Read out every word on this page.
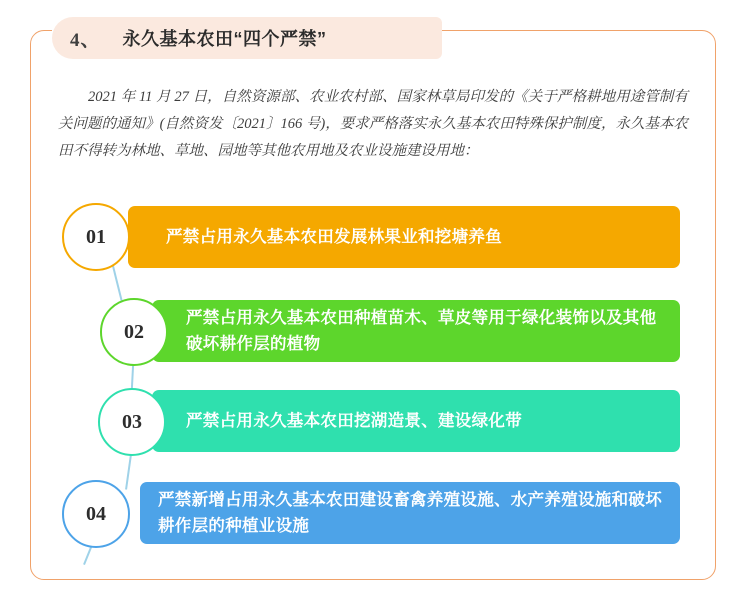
4、 永久基本农田“四个严禁”
2021 年 11 月 27 日，自然资源部、农业农村部、国家林草局印发的《关于严格耕地用途管制有关问题的通知》(自然资发〔2021〕166 号)，要求严格落实永久基本农田特殊保护制度，永久基本农田不得转为林地、草地、园地等其他农用地及农业设施建设用地：
严禁占用永久基本农田发展林果业和挖塘养鱼
01
严禁占用永久基本农田种植苗木、草皮等用于绿化装饰以及其他破坏耕作层的植物
02
严禁占用永久基本农田挖湖造景、建设绿化带
03
严禁新增占用永久基本农田建设畜禽养殖设施、水产养殖设施和破坏耕作层的种植业设施
04
